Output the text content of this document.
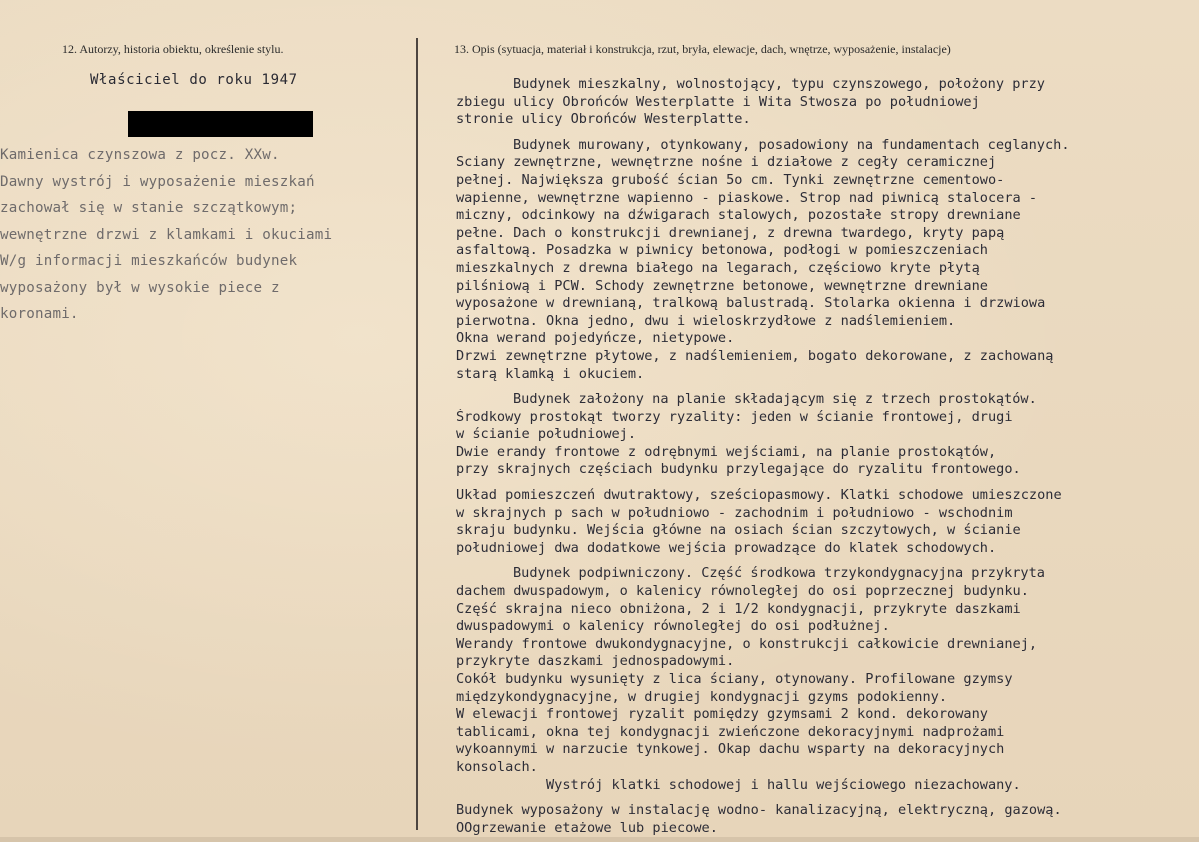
12. Autorzy, historia obiektu, określenie stylu.	13. Opis (sytuacja, materiał i konstrukcja, rzut, bryła, elewacje, dach, wnętrze, wyposażenie, instalacje)
Właściciel do roku 1947
Kamienica czynszowa z pocz. XXw.
Dawny wystrój i wyposażenie mieszkań
zachował się w stanie szczątkowym;
wewnętrzne drzwi z klamkami i okuciami
W/g informacji mieszkańców budynek
wyposażony był w wysokie piece z
koronami.
Budynek mieszkalny, wolnostojący, typu czynszowego, położony przy
zbiegu ulicy Obrońców Westerplatte i Wita Stwosza po południowej
stronie ulicy Obrońców Westerplatte.
Budynek murowany, otynkowany, posadowiony na fundamentach ceglanych.
Sciany zewnętrzne, wewnętrzne nośne i działowe z cegły ceramicznej
pełnej. Największa grubość ścian 5o cm. Tynki zewnętrzne cementowo-
wapienne, wewnętrzne wapienno - piaskowe. Strop nad piwnicą stalocera -
miczny, odcinkowy na dźwigarach stalowych, pozostałe stropy drewniane
pełne. Dach o konstrukcji drewnianej, z drewna twardego, kryty papą
asfaltową. Posadzka w piwnicy betonowa, podłogi w pomieszczeniach
mieszkalnych z drewna białego na legarach, częściowo kryte płytą
pilśniową i PCW. Schody zewnętrzne betonowe, wewnętrzne drewniane
wyposażone w drewnianą, tralkową balustradą. Stolarka okienna i drzwiowa
pierwotna. Okna jedno, dwu i wieloskrzydłowe z nadślemieniem.
Okna werand pojedyńcze, nietypowe.
Drzwi zewnętrzne płytowe, z nadślemieniem, bogato dekorowane, z zachowaną
starą klamką i okuciem.
Budynek założony na planie składającym się z trzech prostokątów.
Środkowy prostokąt tworzy ryzality: jeden w ścianie frontowej, drugi
w ścianie południowej.
Dwie erandy frontowe z odrębnymi wejściami, na planie prostokątów,
przy skrajnych częściach budynku przylegające do ryzalitu frontowego.
Układ pomieszczeń dwutraktowy, sześciopasmowy. Klatki schodowe umieszczone
w skrajnych p sach w południowo - zachodnim i południowo - wschodnim
skraju budynku. Wejścia główne na osiach ścian szczytowych, w ścianie
południowej dwa dodatkowe wejścia prowadzące do klatek schodowych.
Budynek podpiwniczony. Część środkowa trzykondygnacyjna przykryta
dachem dwuspadowym, o kalenicy równoległej do osi poprzecznej budynku.
Część skrajna nieco obniżona, 2 i 1/2 kondygnacji, przykryte daszkami
dwuspadowymi o kalenicy równoległej do osi podłużnej.
Werandy frontowe dwukondygnacyjne, o konstrukcji całkowicie drewnianej,
przykryte daszkami jednospadowymi.
Cokół budynku wysunięty z lica ściany, otynowany. Profilowane gzymsy
międzykondygnacyjne, w drugiej kondygnacji gzyms podokienny.
W elewacji frontowej ryzalit pomiędzy gzymsami 2 kond. dekorowany
tablicami, okna tej kondygnacji zwieńczone dekoracyjnymi nadprożami
wykoannymi w narzucie tynkowej. Okap dachu wsparty na dekoracyjnych
konsolach.
Wystrój klatki schodowej i hallu wejściowego niezachowany.
Budynek wyposażony w instalację wodno- kanalizacyjną, elektryczną, gazową.
OOgrzewanie etażowe lub piecowe.
